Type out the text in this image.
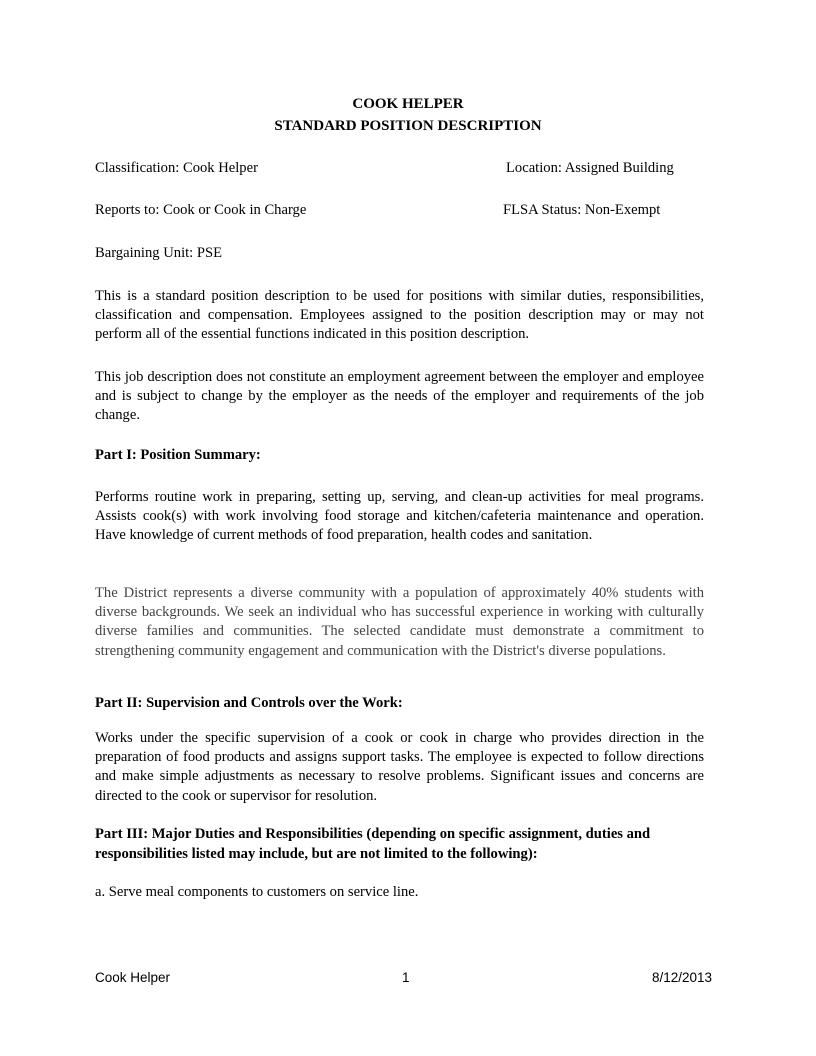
COOK HELPER
STANDARD POSITION DESCRIPTION
Classification: Cook Helper	Location: Assigned Building
Reports to: Cook or Cook in Charge	FLSA Status: Non-Exempt
Bargaining Unit: PSE
This is a standard position description to be used for positions with similar duties, responsibilities, classification and compensation. Employees assigned to the position description may or may not perform all of the essential functions indicated in this position description.
This job description does not constitute an employment agreement between the employer and employee and is subject to change by the employer as the needs of the employer and requirements of the job change.
Part I: Position Summary:
Performs routine work in preparing, setting up, serving, and clean-up activities for meal programs. Assists cook(s) with work involving food storage and kitchen/cafeteria maintenance and operation. Have knowledge of current methods of food preparation, health codes and sanitation.
The District represents a diverse community with a population of approximately 40% students with diverse backgrounds. We seek an individual who has successful experience in working with culturally diverse families and communities. The selected candidate must demonstrate a commitment to strengthening community engagement and communication with the District's diverse populations.
Part II: Supervision and Controls over the Work:
Works under the specific supervision of a cook or cook in charge who provides direction in the preparation of food products and assigns support tasks. The employee is expected to follow directions and make simple adjustments as necessary to resolve problems. Significant issues and concerns are directed to the cook or supervisor for resolution.
Part III: Major Duties and Responsibilities (depending on specific assignment, duties and responsibilities listed may include, but are not limited to the following):
a. Serve meal components to customers on service line.
Cook Helper	1	8/12/2013
